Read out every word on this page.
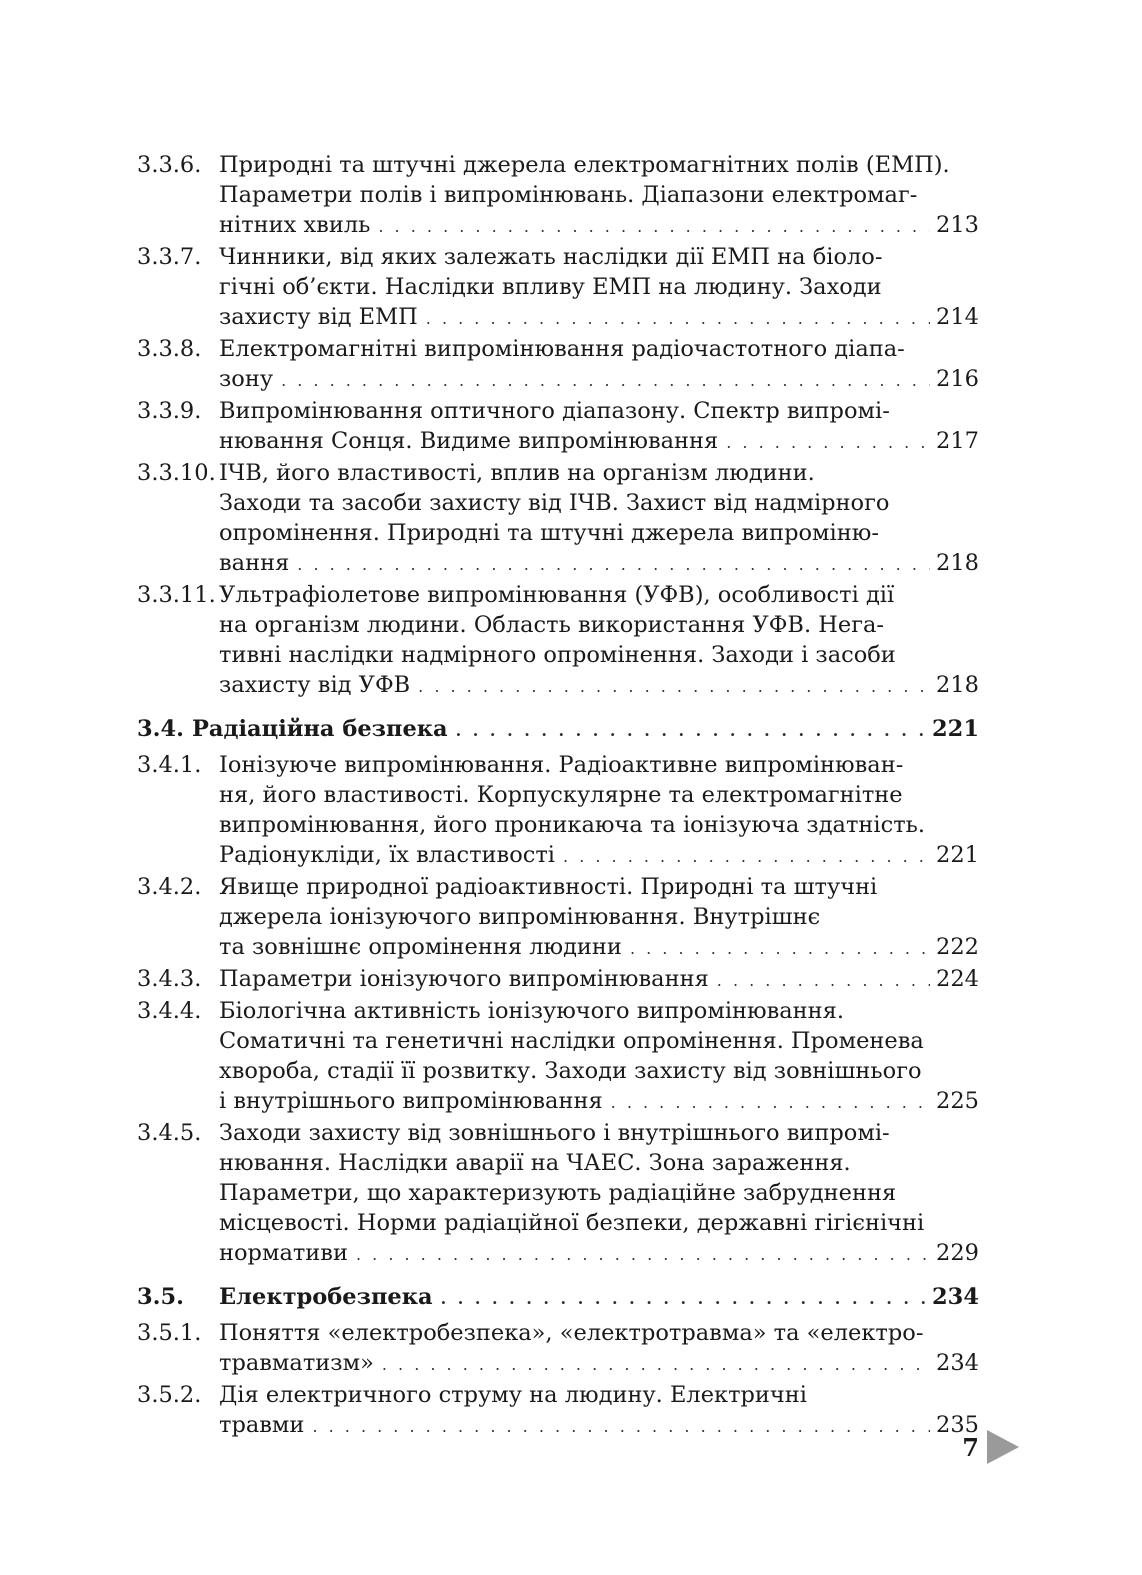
3.3.6. Природні та штучні джерела електромагнітних полів (ЕМП).
Параметри полів і випромінювань. Діапазони електромаг-
нітних хвиль . . .	213
3.3.7. Чинники, від яких залежать наслідки дії ЕМП на біоло-
гічні об’єкти. Наслідки впливу ЕМП на людину. Заходи
захисту від ЕМП . . .	214
3.3.8. Електромагнітні випромінювання радіочастотного діапа-
зону . . .	216
3.3.9. Випромінювання оптичного діапазону. Спектр випромі-
нювання Сонця. Видиме випромінювання . . .	217
3.3.10. ІЧВ, його властивості, вплив на організм людини.
Заходи та засоби захисту від ІЧВ. Захист від надмірного
опромінення. Природні та штучні джерела випроміню-
вання . . .	218
3.3.11. Ультрафіолетове випромінювання (УФВ), особливості дії
на організм людини. Область використання УФВ. Нега-
тивні наслідки надмірного опромінення. Заходи і засоби
захисту від УФВ . . .	218
3.4. Радіаційна безпека . . .	221
3.4.1. Іонізуюче випромінювання. Радіоактивне випромінюван-
ня, його властивості. Корпускулярне та електромагнітне
випромінювання, його проникаюча та іонізуюча здатність.
Радіонукліди, їх властивості . . .	221
3.4.2. Явище природної радіоактивності. Природні та штучні
джерела іонізуючого випромінювання. Внутрішнє
та зовнішнє опромінення людини . . .	222
3.4.3. Параметри іонізуючого випромінювання . . .	224
3.4.4. Біологічна активність іонізуючого випромінювання.
Соматичні та генетичні наслідки опромінення. Променева
хвороба, стадії її розвитку. Заходи захисту від зовнішнього
і внутрішнього випромінювання . . .	225
3.4.5. Заходи захисту від зовнішнього і внутрішнього випромі-
нювання. Наслідки аварії на ЧАЕС. Зона зараження.
Параметри, що характеризують радіаційне забруднення
місцевості. Норми радіаційної безпеки, державні гігієнічні
нормативи . . .	229
3.5.	Електробезпека . . .	234
3.5.1. Поняття «електробезпека», «електротравма» та «електро-
травматизм» . . .	234
3.5.2. Дія електричного струму на людину. Електричні
травми . . .	235
7
